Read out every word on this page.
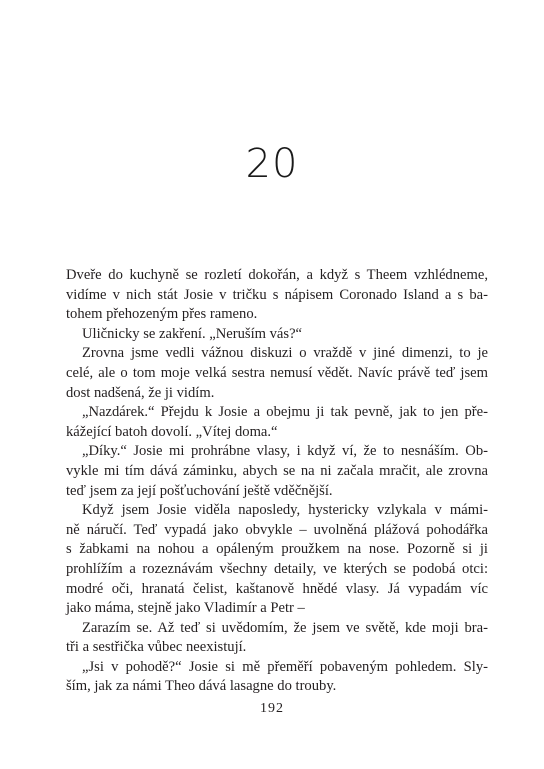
20
Dveře do kuchyně se rozletí dokořán, a když s Theem vzhlédneme,
vidíme v nich stát Josie v tričku s nápisem Coronado Island a s ba-
tohem přehozeným přes rameno.
Uličnicky se zakření. „Neruším vás?“
Zrovna jsme vedli vážnou diskuzi o vraždě v jiné dimenzi, to je
celé, ale o tom moje velká sestra nemusí vědět. Navíc právě teď jsem
dost nadšená, že ji vidím.
„Nazdárek.“ Přejdu k Josie a obejmu ji tak pevně, jak to jen pře-
kážející batoh dovolí. „Vítej doma.“
„Díky.“ Josie mi prohrábne vlasy, i když ví, že to nesnáším. Ob-
vykle mi tím dává záminku, abych se na ni začala mračit, ale zrovna
teď jsem za její pošťuchování ještě vděčnější.
Když jsem Josie viděla naposledy, hystericky vzlykala v mámi-
ně náručí. Teď vypadá jako obvykle – uvolněná plážová pohodářka
s žabkami na nohou a opáleným proužkem na nose. Pozorně si ji
prohlížím a rozeznávám všechny detaily, ve kterých se podobá otci:
modré oči, hranatá čelist, kaštanově hnědé vlasy. Já vypadám víc
jako máma, stejně jako Vladimír a Petr –
Zarazím se. Až teď si uvědomím, že jsem ve světě, kde moji bra-
tři a sestřička vůbec neexistují.
„Jsi v pohodě?“ Josie si mě přeměří pobaveným pohledem. Sly-
ším, jak za námi Theo dává lasagne do trouby.
192
